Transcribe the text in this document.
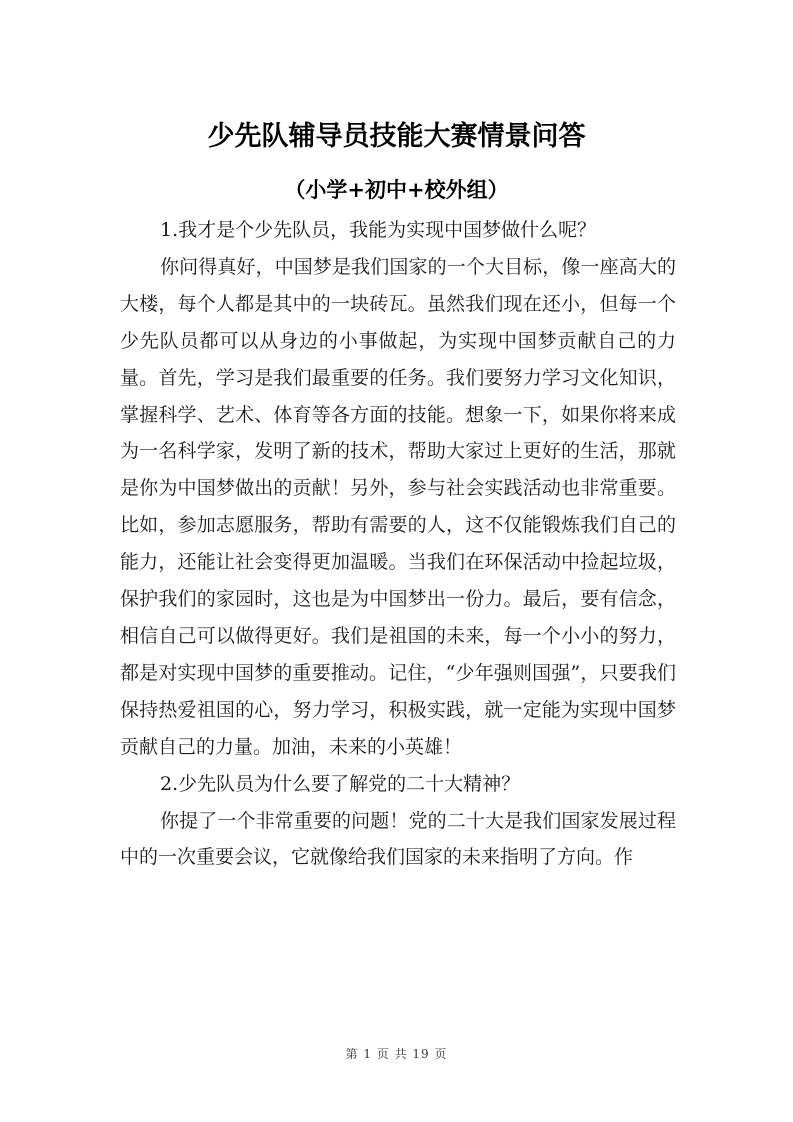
少先队辅导员技能大赛情景问答
（小学+初中+校外组）

1.我才是个少先队员，我能为实现中国梦做什么呢？

你问得真好，中国梦是我们国家的一个大目标，像一座高大的大楼，每个人都是其中的一块砖瓦。虽然我们现在还小，但每一个少先队员都可以从身边的小事做起，为实现中国梦贡献自己的力量。首先，学习是我们最重要的任务。我们要努力学习文化知识，掌握科学、艺术、体育等各方面的技能。想象一下，如果你将来成为一名科学家，发明了新的技术，帮助大家过上更好的生活，那就是你为中国梦做出的贡献！另外，参与社会实践活动也非常重要。比如，参加志愿服务，帮助有需要的人，这不仅能锻炼我们自己的能力，还能让社会变得更加温暖。当我们在环保活动中捡起垃圾，保护我们的家园时，这也是为中国梦出一份力。最后，要有信念，相信自己可以做得更好。我们是祖国的未来，每一个小小的努力，都是对实现中国梦的重要推动。记住，“少年强则国强”，只要我们保持热爱祖国的心，努力学习，积极实践，就一定能为实现中国梦贡献自己的力量。加油，未来的小英雄！

2.少先队员为什么要了解党的二十大精神？

你提了一个非常重要的问题！党的二十大是我们国家发展过程中的一次重要会议，它就像给我们国家的未来指明了方向。作

第 1 页 共 19 页
